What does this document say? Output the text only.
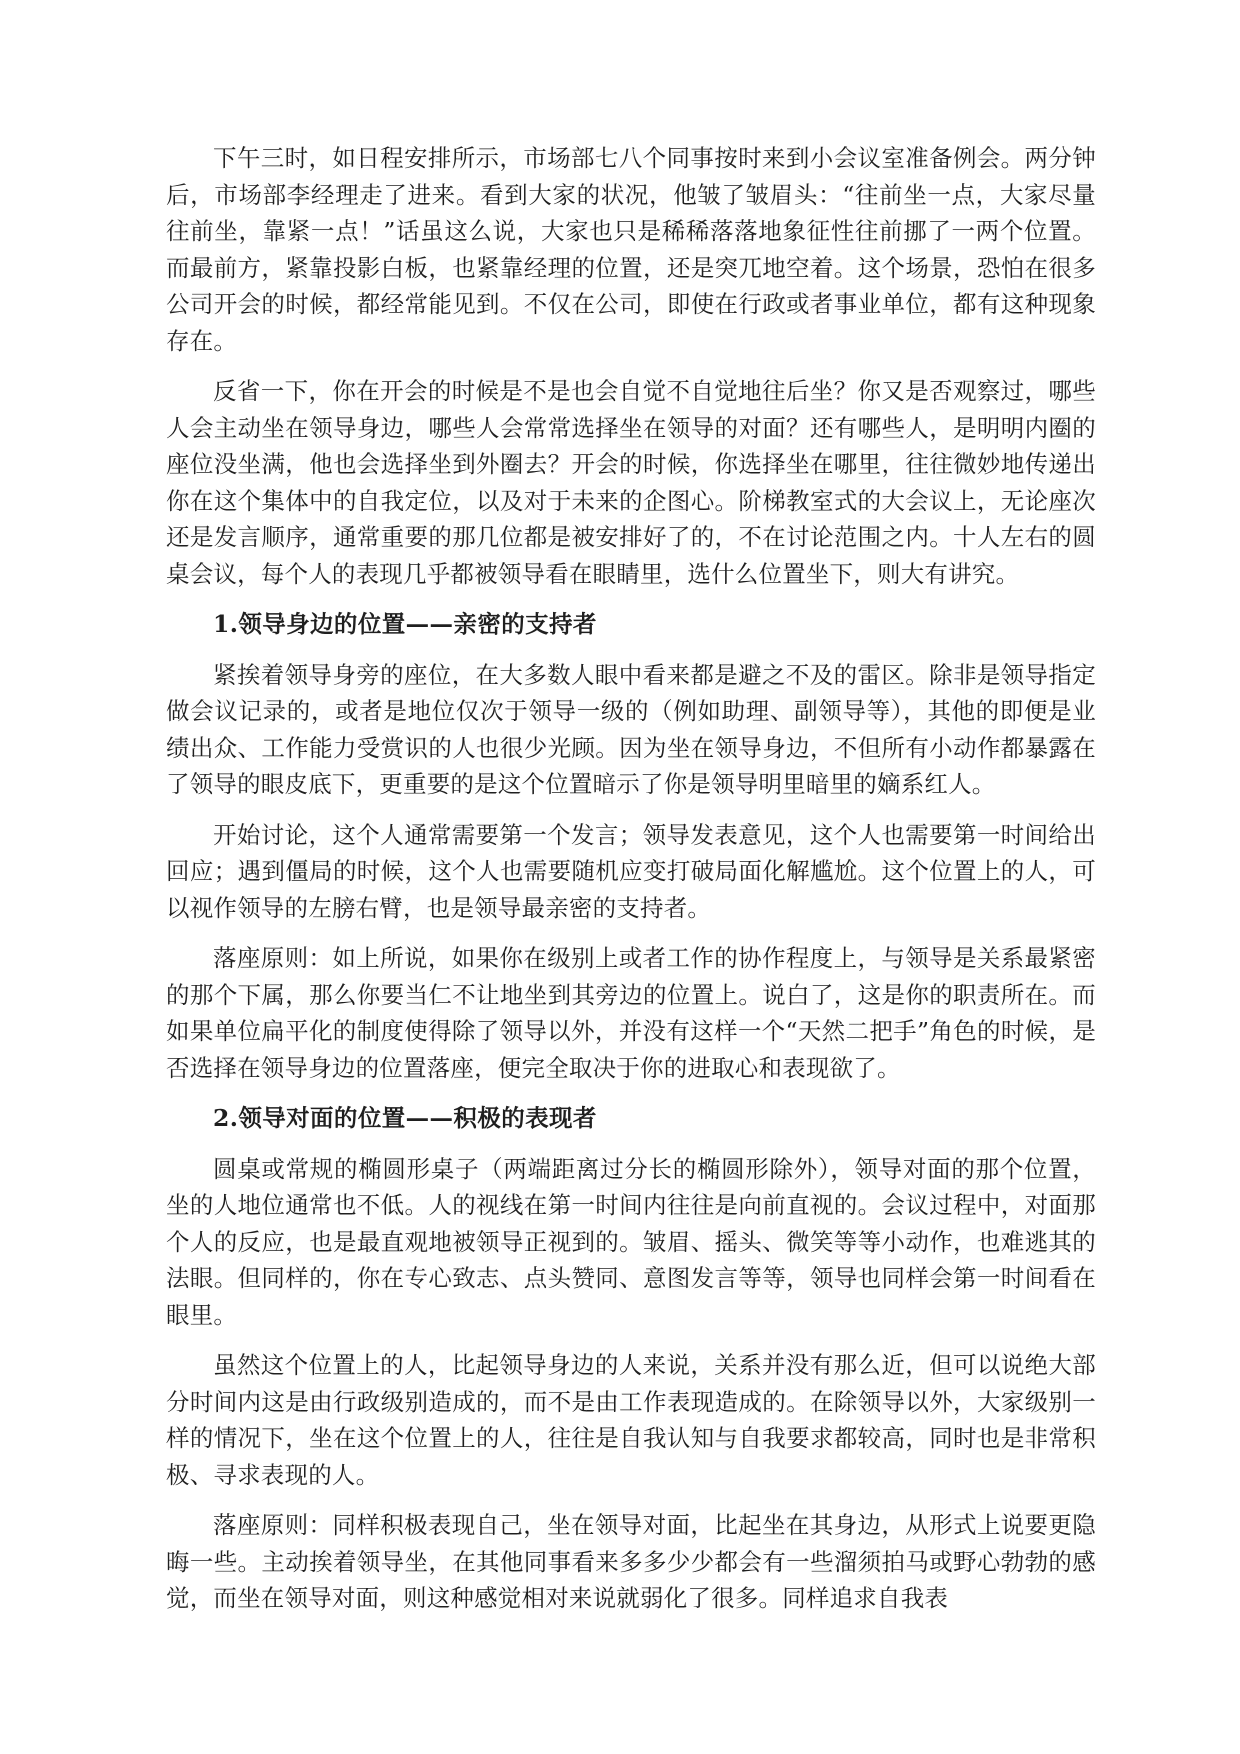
下午三时，如日程安排所示，市场部七八个同事按时来到小会议室准备例会。两分钟后，市场部李经理走了进来。看到大家的状况，他皱了皱眉头：“往前坐一点，大家尽量往前坐，靠紧一点！”话虽这么说，大家也只是稀稀落落地象征性往前挪了一两个位置。而最前方，紧靠投影白板，也紧靠经理的位置，还是突兀地空着。这个场景，恐怕在很多公司开会的时候，都经常能见到。不仅在公司，即使在行政或者事业单位，都有这种现象存在。

反省一下，你在开会的时候是不是也会自觉不自觉地往后坐？你又是否观察过，哪些人会主动坐在领导身边，哪些人会常常选择坐在领导的对面？还有哪些人，是明明内圈的座位没坐满，他也会选择坐到外圈去？开会的时候，你选择坐在哪里，往往微妙地传递出你在这个集体中的自我定位，以及对于未来的企图心。阶梯教室式的大会议上，无论座次还是发言顺序，通常重要的那几位都是被安排好了的，不在讨论范围之内。十人左右的圆桌会议，每个人的表现几乎都被领导看在眼睛里，选什么位置坐下，则大有讲究。

1.领导身边的位置——亲密的支持者

紧挨着领导身旁的座位，在大多数人眼中看来都是避之不及的雷区。除非是领导指定做会议记录的，或者是地位仅次于领导一级的（例如助理、副领导等），其他的即便是业绩出众、工作能力受赏识的人也很少光顾。因为坐在领导身边，不但所有小动作都暴露在了领导的眼皮底下，更重要的是这个位置暗示了你是领导明里暗里的嫡系红人。

开始讨论，这个人通常需要第一个发言；领导发表意见，这个人也需要第一时间给出回应；遇到僵局的时候，这个人也需要随机应变打破局面化解尴尬。这个位置上的人，可以视作领导的左膀右臂，也是领导最亲密的支持者。

落座原则：如上所说，如果你在级别上或者工作的协作程度上，与领导是关系最紧密的那个下属，那么你要当仁不让地坐到其旁边的位置上。说白了，这是你的职责所在。而如果单位扁平化的制度使得除了领导以外，并没有这样一个“天然二把手”角色的时候，是否选择在领导身边的位置落座，便完全取决于你的进取心和表现欲了。

2.领导对面的位置——积极的表现者

圆桌或常规的椭圆形桌子（两端距离过分长的椭圆形除外），领导对面的那个位置，坐的人地位通常也不低。人的视线在第一时间内往往是向前直视的。会议过程中，对面那个人的反应，也是最直观地被领导正视到的。皱眉、摇头、微笑等等小动作，也难逃其的法眼。但同样的，你在专心致志、点头赞同、意图发言等等，领导也同样会第一时间看在眼里。

虽然这个位置上的人，比起领导身边的人来说，关系并没有那么近，但可以说绝大部分时间内这是由行政级别造成的，而不是由工作表现造成的。在除领导以外，大家级别一样的情况下，坐在这个位置上的人，往往是自我认知与自我要求都较高，同时也是非常积极、寻求表现的人。

落座原则：同样积极表现自己，坐在领导对面，比起坐在其身边，从形式上说要更隐晦一些。主动挨着领导坐，在其他同事看来多多少少都会有一些溜须拍马或野心勃勃的感觉，而坐在领导对面，则这种感觉相对来说就弱化了很多。同样追求自我表
